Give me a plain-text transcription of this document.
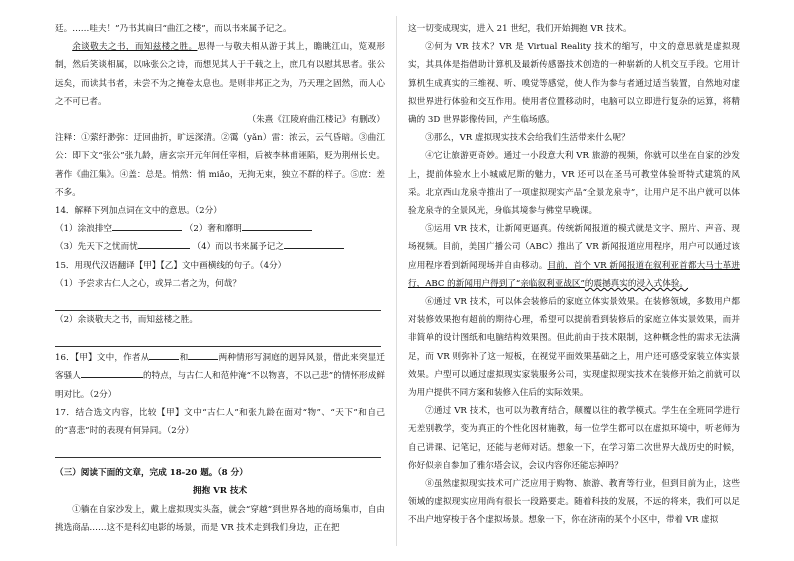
廷。……哇夫！”乃书其扁曰“曲江之楼”，而以书来属予记之。

余谈敬夫之书，而知兹楼之胜。思得一与敬夫相从游于其上，瞻眺江山，览观形制，然后笑谈相属，以咏张公之诗，而想见其人于千载之上，庶几有以慰其思者。张公远矣，而读其书者，未尝不为之掩卷太息也。是则非邦正之为，乃天理之固然，而人心之不可已者。

（朱熹《江陵府曲江楼记》有删改）

注释：①萦纡渺弥：迂回曲折，旷远深清。②霭（yǎn）雷：浓云，云气昏暗。③曲江公：即下文“张公”张九龄，唐玄宗开元年间任宰相，后被李林甫诬陷，贬为荆州长史。著作《曲江集》。④盖：总是。悄然：悄 miǎo，无拘无束，独立不群的样子。⑤庶：差不多。

14．解释下列加点词在文中的意思。（2分）

（1）涂浪排空	（2）奢和靡明

（3）先天下之忧而忧	（4）而以书来属予记之

15．用现代汉语翻译【甲】【乙】文中画横线的句子。（4分）

（1）予尝求古仁人之心，或异二者之为，何哉？

（2）余谈敬夫之书，而知兹楼之胜。

16．【甲】文中，作者从	和	两种情形写洞庭的迥异风景，借此来突显迁客骚人	的特点，与古仁人和范仲淹“不以物喜，不以己悲”的情怀形成鲜明对比。（2分）

17．结合选文内容，比较【甲】文中“古仁人”和张九龄在面对“物”、“天下”和自己的“喜悲”时的表现有何异同。（2分）

（三）阅读下面的文章，完成 18-20 题。（8 分）

拥抱 VR 技术

①躺在自家沙发上，戴上虚拟现实头盔，就会“穿越”到世界各地的商场集市，自由挑选商品……这不是科幻电影的场景，而是 VR 技术走到我们身边，正在把

这一切变成现实，进入 21 世纪，我们开始拥抱 VR 技术。

②何为 VR 技术？VR 是 Virtual Reality 技术的缩写，中文的意思就是虚拟现实，其具体是指借助计算机及最新传感器技术创造的一种崭新的人机交互手段。它用计算机生成真实的三维视、听、嗅觉等感觉，使人作为参与者通过适当装置，自然地对虚拟世界进行体验和交互作用。使用者位置移动时，电脑可以立即进行复杂的运算，将精确的 3D 世界影像传回，产生临场感。

③那么，VR 虚拟现实技术会给我们生活带来什么呢？

④它让旅游更奇妙。通过一小段意大利 VR 旅游的视频，你就可以坐在自家的沙发上，提前体验水上小城威尼斯的魅力，VR 还可以在圣马可教堂体验哥特式建筑的风采。北京西山龙泉寺推出了一项虚拟现实产品“全景龙泉寺”，让用户足不出户就可以体验龙泉寺的全景风光，身临其境参与佛堂早晚课。

⑤运用 VR 技术，让新闻更逼真。传统新闻报道的模式就是文字、照片、声音、现场视频。目前，美国广播公司（ABC）推出了 VR 新闻报道应用程序，用户可以通过该应用程序看到新闻现场并自由移动。目前，首个 VR 新闻报道在叙利亚首都大马士革进行，ABC 的新闻用户得到了“亲临叙利亚战区”的震撼真实的浸入式体验。

⑥通过 VR 技术，可以体会装修后的家庭立体实景效果。在装修领域，多数用户都对装修效果抱有超前的期待心理，希望可以提前看到装修后的家庭立体实景效果，而并非简单的设计图纸和电脑结构效果图。但此前由于技术限制，这种概念性的需求无法满足，而 VR 则弥补了这一短板，在视觉平面效果基础之上，用户还可感受家装立体实景效果。户型可以通过虚拟现实家装服务公司，实现虚拟现实技术在装修开始之前就可以为用户提供不同方案和装修入住后的实际效果。

⑦通过 VR 技术，也可以为教育结合，颠覆以往的教学模式。学生在全班同学进行无差别教学，变为真正的个性化因材施教，每一位学生都可以在虚拟环境中，听老师为自己讲课、记笔记，还能与老师对话。想象一下，在学习第二次世界大战历史的时候，你好似亲自参加了雅尔塔会议，会议内容你还能忘掉吗？

⑧虽然虚拟现实技术可广泛应用于购物、旅游、教育等行业，但到目前为止，这些领域的虚拟现实应用尚有很长一段路要走。随着科技的发展，不远的将来，我们可以足不出户地穿梭于各个虚拟场景。想象一下，你在济南的某个小区中，带着 VR 虚拟
